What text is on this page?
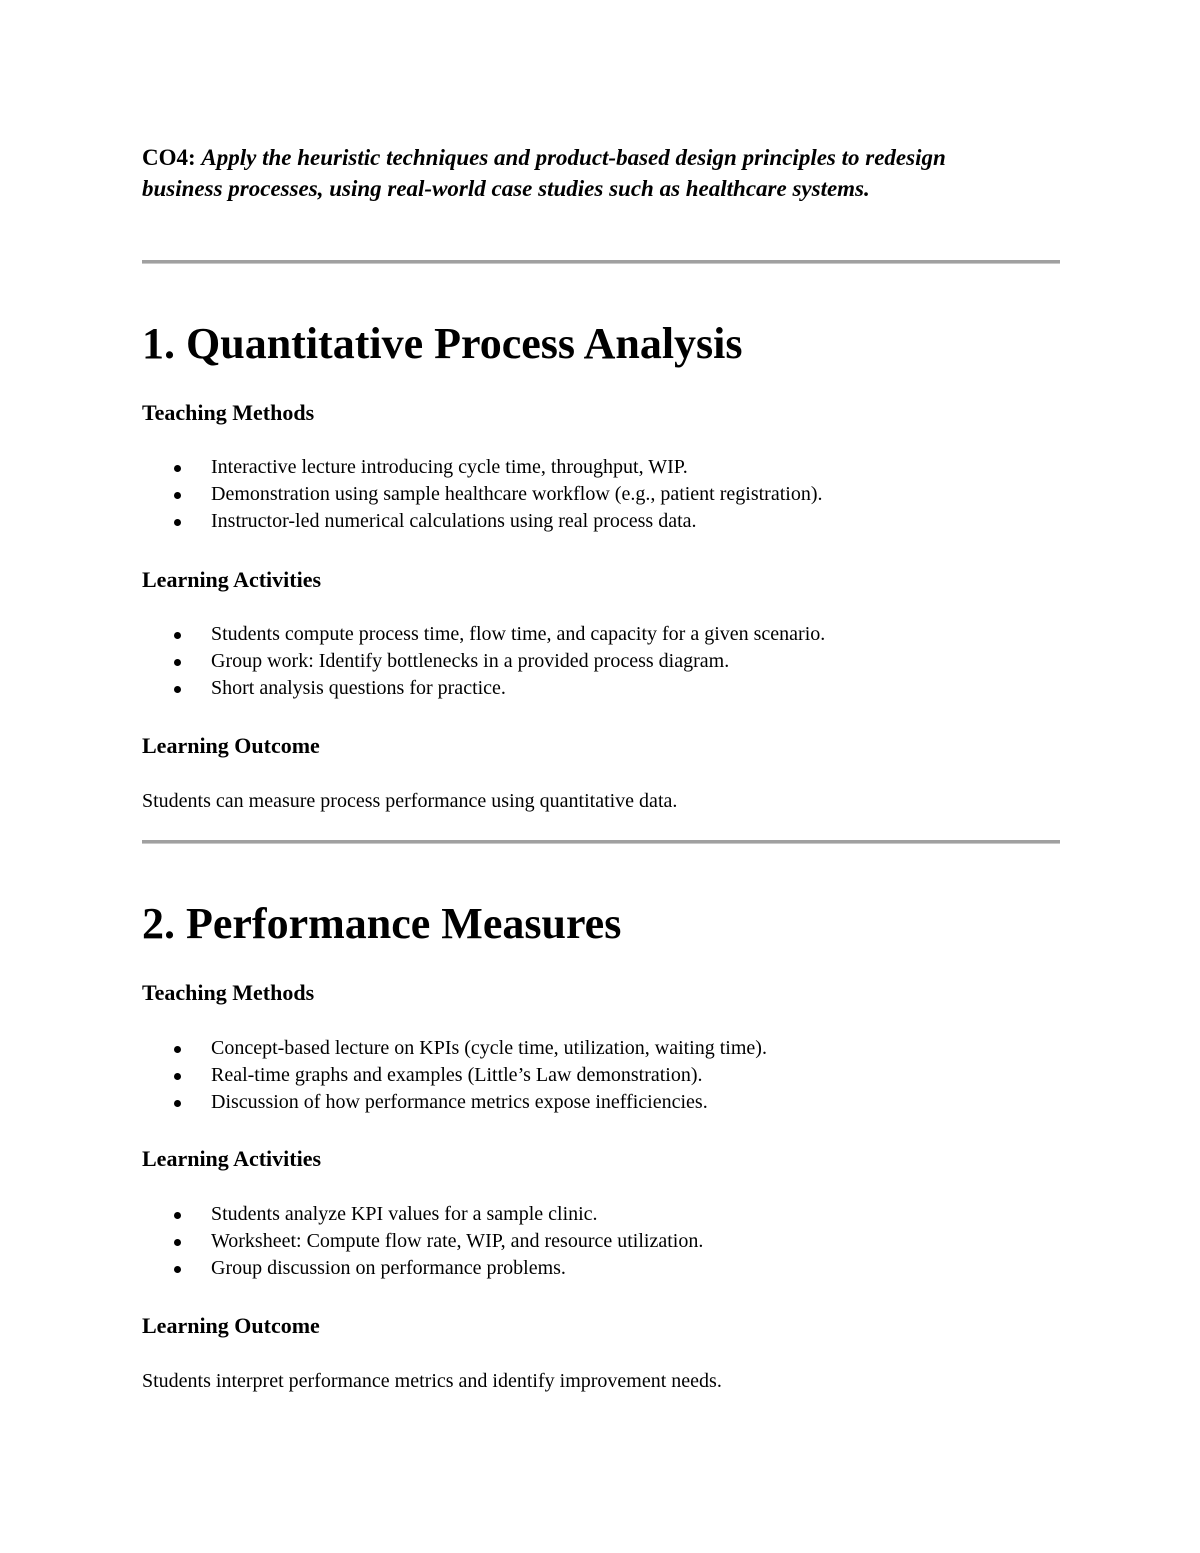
CO4: Apply the heuristic techniques and product-based design principles to redesign business processes, using real-world case studies such as healthcare systems.
1. Quantitative Process Analysis
Teaching Methods
Interactive lecture introducing cycle time, throughput, WIP.
Demonstration using sample healthcare workflow (e.g., patient registration).
Instructor-led numerical calculations using real process data.
Learning Activities
Students compute process time, flow time, and capacity for a given scenario.
Group work: Identify bottlenecks in a provided process diagram.
Short analysis questions for practice.
Learning Outcome

Students can measure process performance using quantitative data.

2. Performance Measures
Teaching Methods
Concept-based lecture on KPIs (cycle time, utilization, waiting time).
Real-time graphs and examples (Little’s Law demonstration).
Discussion of how performance metrics expose inefficiencies.
Learning Activities
Students analyze KPI values for a sample clinic.
Worksheet: Compute flow rate, WIP, and resource utilization.
Group discussion on performance problems.
Learning Outcome

Students interpret performance metrics and identify improvement needs.
